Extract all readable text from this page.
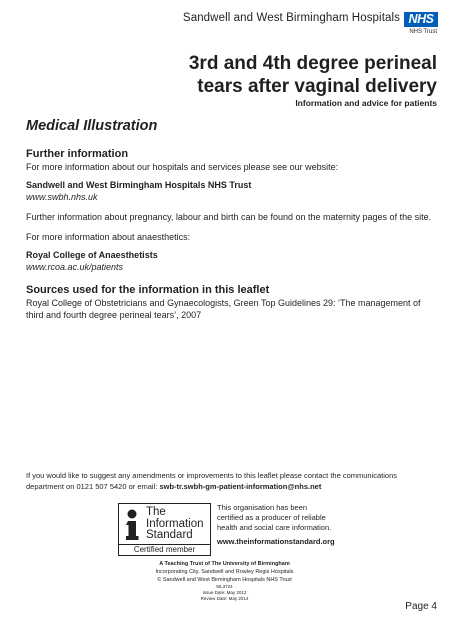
Sandwell and West Birmingham Hospitals NHS
NHS Trust
3rd and 4th degree perineal
tears after vaginal delivery
Information and advice for patients
Medical Illustration

Further information

For more information about our hospitals and services please see our website:

Sandwell and West Birmingham Hospitals NHS Trust

www.swbh.nhs.uk

Further information about pregnancy, labour and birth can be found on the maternity pages of the site.

For more information about anaesthetics:

Royal College of Anaesthetists

www.rcoa.ac.uk/patients

Sources used for the information in this leaflet

Royal College of Obstetricians and Gynaecologists, Green Top Guidelines 29: ‘The management of third and fourth degree perineal tears’, 2007

If you would like to suggest any amendments or improvements to this leaflet please contact the communications department on 0121 507 5420 or email: swb-tr.swbh-gm-patient-information@nhs.net
The
Information
Standard
Certified member
This organisation has been certified as a producer of reliable health and social care information.
www.theinformationstandard.org
A Teaching Trust of The University of Birmingham
Incorporating City, Sandwell and Rowley Regis Hospitals
© Sandwell and West Birmingham Hospitals NHS Trust
ML3724
Issue Date: May 2012
Review Date: May 2014
Page 4
